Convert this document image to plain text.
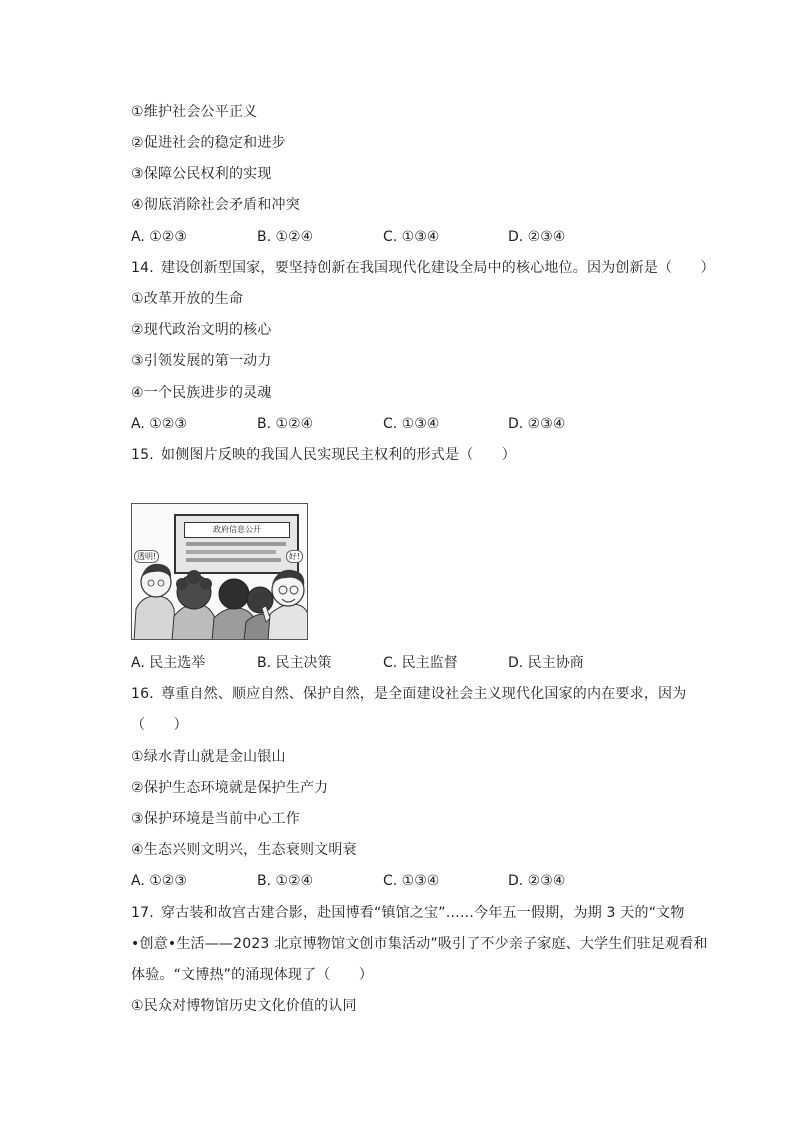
①维护社会公平正义
②促进社会的稳定和进步
③保障公民权利的实现
④彻底消除社会矛盾和冲突
A. ①②③	B. ①②④	C. ①③④	D. ②③④
14. 建设创新型国家，要坚持创新在我国现代化建设全局中的核心地位。因为创新是（　　）
①改革开放的生命
②现代政治文明的核心
③引领发展的第一动力
④一个民族进步的灵魂
A. ①②③	B. ①②④	C. ①③④	D. ②③④
15. 如侧图片反映的我国人民实现民主权利的形式是（　　）
政府信息公开
透明!	好!
A. 民主选举	B. 民主决策	C. 民主监督	D. 民主协商
16. 尊重自然、顺应自然、保护自然，是全面建设社会主义现代化国家的内在要求，因为
（　　）
①绿水青山就是金山银山
②保护生态环境就是保护生产力
③保护环境是当前中心工作
④生态兴则文明兴，生态衰则文明衰
A. ①②③	B. ①②④	C. ①③④	D. ②③④
17. 穿古装和故宫古建合影，赴国博看“镇馆之宝”……今年五一假期，为期 3 天的“文物
•创意•生活——2023 北京博物馆文创市集活动”吸引了不少亲子家庭、大学生们驻足观看和
体验。“文博热”的涌现体现了（　　）
①民众对博物馆历史文化价值的认同
